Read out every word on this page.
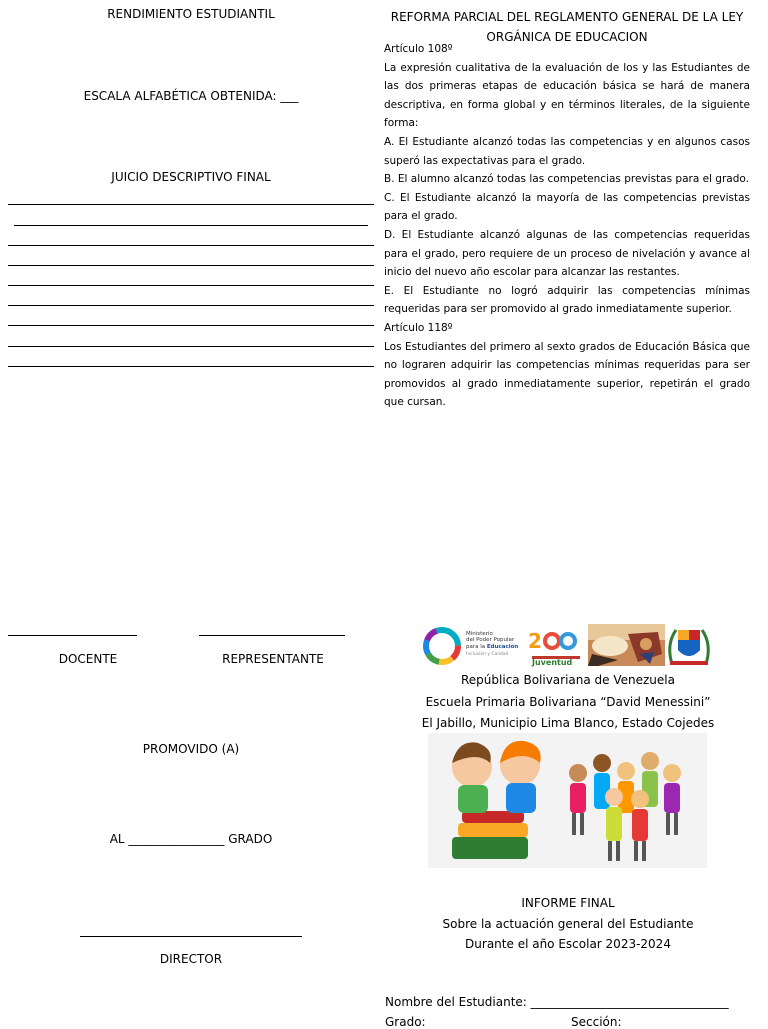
RENDIMIENTO ESTUDIANTIL
ESCALA ALFABÉTICA OBTENIDA: ___
JUICIO DESCRIPTIVO FINAL
REFORMA PARCIAL DEL REGLAMENTO GENERAL DE LA LEY
ORGÁNICA DE EDUCACION

Artículo 108º

La expresión cualitativa de la evaluación de los y las Estudiantes de las dos primeras etapas de educación básica se hará de manera descriptiva, en forma global y en términos literales, de la siguiente forma:

A. El Estudiante alcanzó todas las competencias y en algunos casos superó las expectativas para el grado.

B. El alumno alcanzó todas las competencias previstas para el grado.

C. El Estudiante alcanzó la mayoría de las competencias previstas para el grado.

D. El Estudiante alcanzó algunas de las competencias requeridas para el grado, pero requiere de un proceso de nivelación y avance al inicio del nuevo año escolar para alcanzar las restantes.

E. El Estudiante no logró adquirir las competencias mínimas requeridas para ser promovido al grado inmediatamente superior.

Artículo 118º

Los Estudiantes del primero al sexto grados de Educación Básica que no lograren adquirir las competencias mínimas requeridas para ser promovidos al grado inmediatamente superior, repetirán el grado que cursan.

DOCENTE	REPRESENTANTE
PROMOVIDO (A)
AL ________________ GRADO
DIRECTOR
Ministerio
del Poder Popular
para la Educación
Inclusión y Calidad
2
Juventud
República Bolivariana de Venezuela
Escuela Primaria Bolivariana “David Menessini”
El Jabillo, Municipio Lima Blanco, Estado Cojedes
INFORME FINAL
Sobre la actuación general del Estudiante
Durante el año Escolar 2023-2024
Nombre del Estudiante: _________________________________
Grado:	Sección:
